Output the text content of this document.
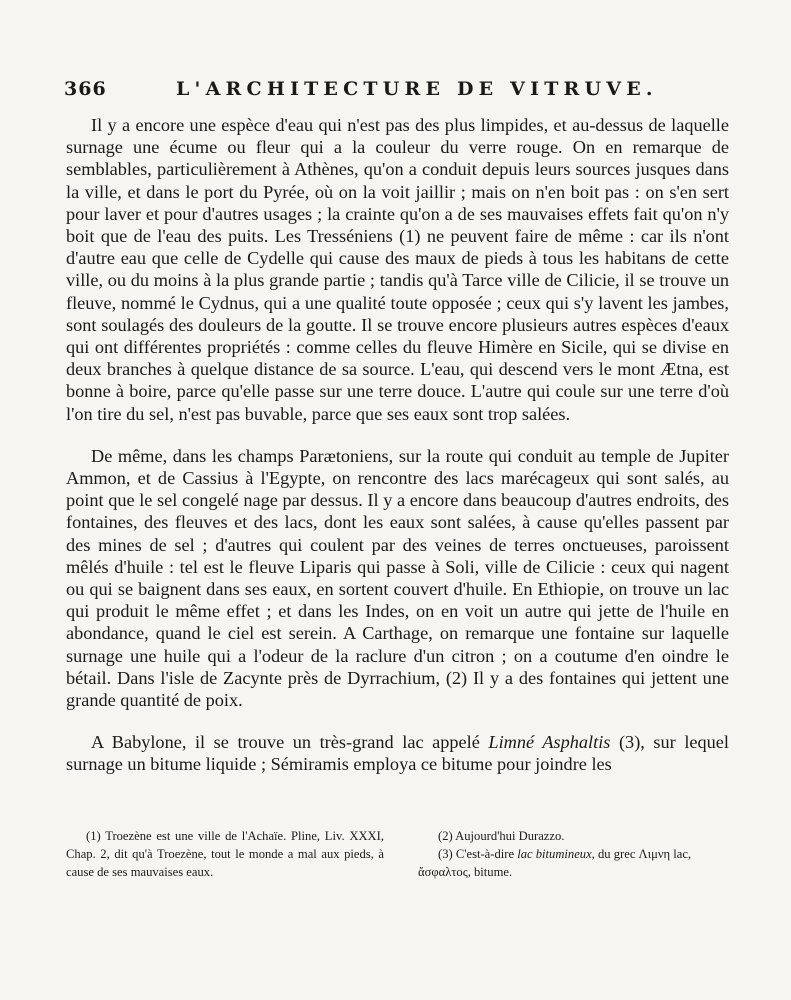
366	L'ARCHITECTURE DE VITRUVE.

Il y a encore une espèce d'eau qui n'est pas des plus limpides, et au-dessus de laquelle surnage une écume ou fleur qui a la couleur du verre rouge. On en remarque de semblables, particulièrement à Athènes, qu'on a conduit depuis leurs sources jusques dans la ville, et dans le port du Pyrée, où on la voit jaillir ; mais on n'en boit pas : on s'en sert pour laver et pour d'autres usages ; la crainte qu'on a de ses mauvaises effets fait qu'on n'y boit que de l'eau des puits. Les Tresséniens (1) ne peuvent faire de même : car ils n'ont d'autre eau que celle de Cydelle qui cause des maux de pieds à tous les habitans de cette ville, ou du moins à la plus grande partie ; tandis qu'à Tarce ville de Cilicie, il se trouve un fleuve, nommé le Cydnus, qui a une qualité toute opposée ; ceux qui s'y lavent les jambes, sont soulagés des douleurs de la goutte. Il se trouve encore plusieurs autres espèces d'eaux qui ont différentes propriétés : comme celles du fleuve Himère en Sicile, qui se divise en deux branches à quelque distance de sa source. L'eau, qui descend vers le mont Ætna, est bonne à boire, parce qu'elle passe sur une terre douce. L'autre qui coule sur une terre d'où l'on tire du sel, n'est pas buvable, parce que ses eaux sont trop salées.

De même, dans les champs Parætoniens, sur la route qui conduit au temple de Jupiter Ammon, et de Cassius à l'Egypte, on rencontre des lacs marécageux qui sont salés, au point que le sel congelé nage par dessus. Il y a encore dans beaucoup d'autres endroits, des fontaines, des fleuves et des lacs, dont les eaux sont salées, à cause qu'elles passent par des mines de sel ; d'autres qui coulent par des veines de terres onctueuses, paroissent mêlés d'huile : tel est le fleuve Liparis qui passe à Soli, ville de Cilicie : ceux qui nagent ou qui se baignent dans ses eaux, en sortent couvert d'huile. En Ethiopie, on trouve un lac qui produit le même effet ; et dans les Indes, on en voit un autre qui jette de l'huile en abondance, quand le ciel est serein. A Carthage, on remarque une fontaine sur laquelle surnage une huile qui a l'odeur de la raclure d'un citron ; on a coutume d'en oindre le bétail. Dans l'isle de Zacynte près de Dyrrachium, (2) Il y a des fontaines qui jettent une grande quantité de poix.

A Babylone, il se trouve un très-grand lac appelé Limné Asphaltis (3), sur lequel surnage un bitume liquide ; Sémiramis employa ce bitume pour joindre les

(1) Troezène est une ville de l'Achaïe. Pline, Liv. XXXI, Chap. 2, dit qu'à Troezène, tout le monde a mal aux pieds, à cause de ses mauvaises eaux.

(2) Aujourd'hui Durazzo.

(3) C'est-à-dire lac bitumineux, du grec Λιμνη lac, ἄσφαλτος, bitume.
